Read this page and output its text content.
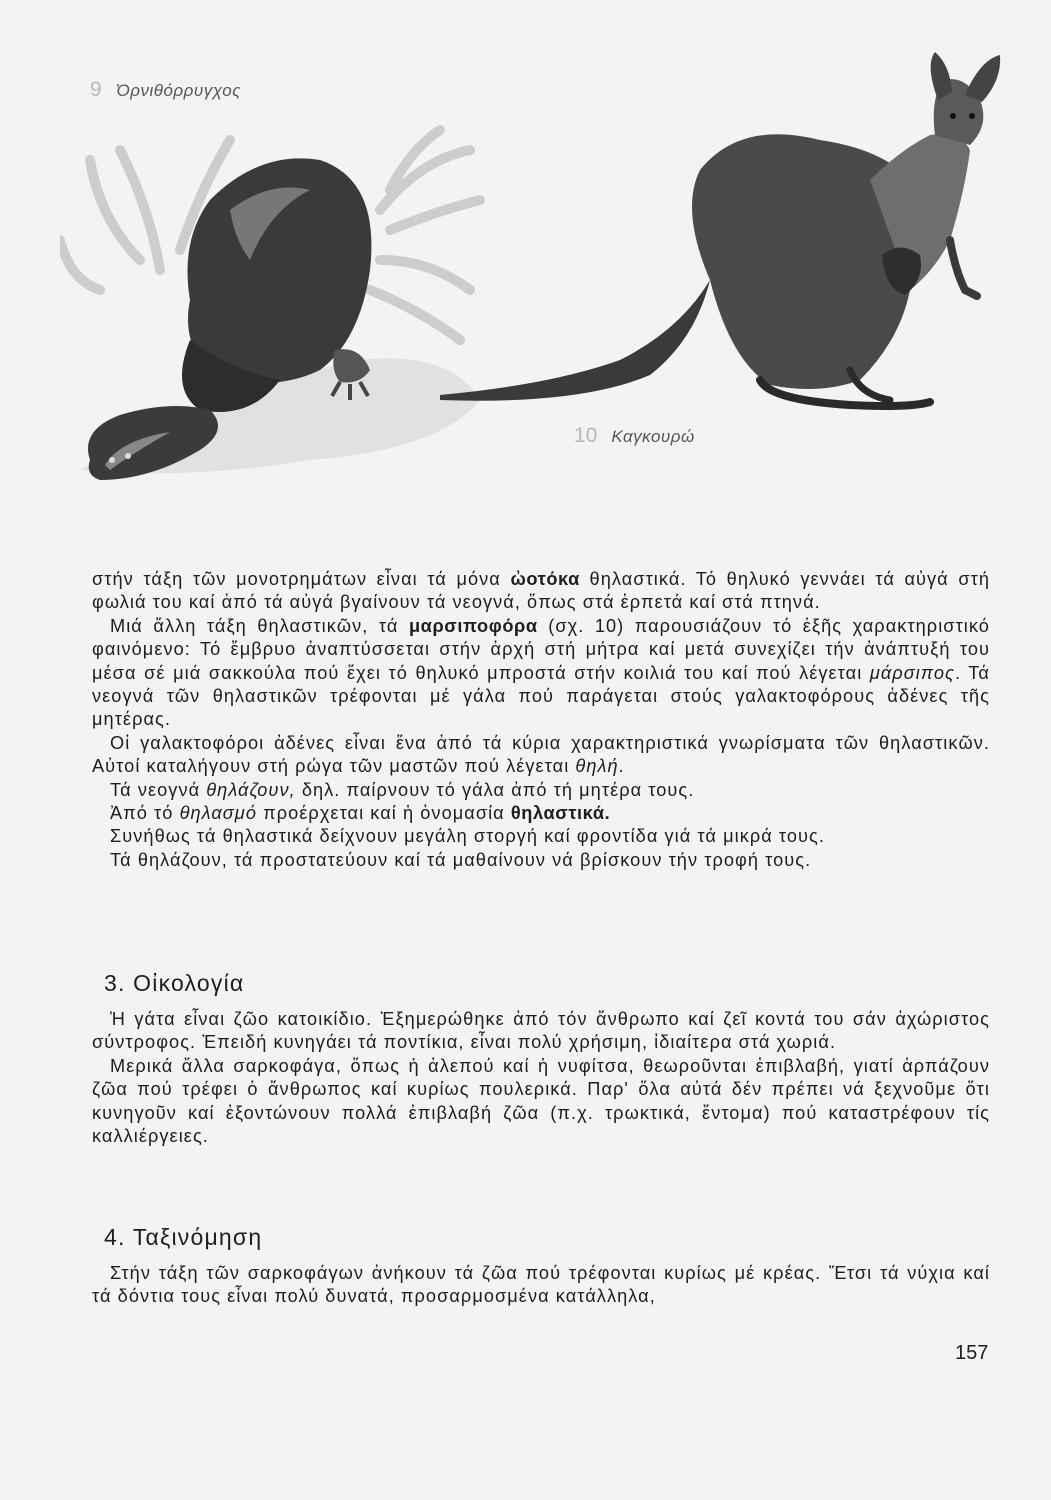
9 Ὀρνιθόρρυγχος
10 Καγκουρώ

στήν τάξη τῶν μονοτρημάτων εἶναι τά μόνα ὠοτόκα θηλαστικά. Τό θηλυκό γεννάει τά αὐγά στή φωλιά του καί ἀπό τά αὐγά βγαίνουν τά νεογνά, ὅπως στά ἑρπετά καί στά πτηνά.

Μιά ἄλλη τάξη θηλαστικῶν, τά μαρσιποφόρα (σχ. 10) παρουσιάζουν τό ἑξῆς χαρακτηριστικό φαινόμενο: Τό ἔμβρυο ἀναπτύσσεται στήν ἀρχή στή μήτρα καί μετά συνεχίζει τήν ἀνάπτυξή του μέσα σέ μιά σακκούλα πού ἔχει τό θηλυκό μπροστά στήν κοιλιά του καί πού λέγεται μάρσιπος. Τά νεογνά τῶν θηλαστικῶν τρέφονται μέ γάλα πού παράγεται στούς γαλακτοφόρους ἀδένες τῆς μητέρας.

Οἱ γαλακτοφόροι ἀδένες εἶναι ἕνα ἀπό τά κύρια χαρακτηριστικά γνωρίσματα τῶν θηλαστικῶν. Αὐτοί καταλήγουν στή ρώγα τῶν μαστῶν πού λέγεται θηλή.

Τά νεογνά θηλάζουν, δηλ. παίρνουν τό γάλα ἀπό τή μητέρα τους.

Ἀπό τό θηλασμό προέρχεται καί ἡ ὀνομασία θηλαστικά.

Συνήθως τά θηλαστικά δείχνουν μεγάλη στοργή καί φροντίδα γιά τά μικρά τους.

Τά θηλάζουν, τά προστατεύουν καί τά μαθαίνουν νά βρίσκουν τήν τροφή τους.

3. Οἰκολογία

Ἡ γάτα εἶναι ζῶο κατοικίδιο. Ἐξημερώθηκε ἀπό τόν ἄνθρωπο καί ζεῖ κοντά του σάν ἀχώριστος σύντροφος. Ἐπειδή κυνηγάει τά ποντίκια, εἶναι πολύ χρήσιμη, ἰδιαίτερα στά χωριά.

Μερικά ἄλλα σαρκοφάγα, ὅπως ἡ ἀλεπού καί ἡ νυφίτσα, θεωροῦνται ἐπιβλαβή, γιατί ἁρπάζουν ζῶα πού τρέφει ὁ ἄνθρωπος καί κυρίως πουλερικά. Παρ' ὅλα αὐτά δέν πρέπει νά ξεχνοῦμε ὅτι κυνηγοῦν καί ἐξοντώνουν πολλά ἐπιβλαβή ζῶα (π.χ. τρωκτικά, ἔντομα) πού καταστρέφουν τίς καλλιέργειες.

4. Ταξινόμηση

Στήν τάξη τῶν σαρκοφάγων ἀνήκουν τά ζῶα πού τρέφονται κυρίως μέ κρέας. Ἔτσι τά νύχια καί τά δόντια τους εἶναι πολύ δυνατά, προσαρμοσμένα κατάλληλα,

157
